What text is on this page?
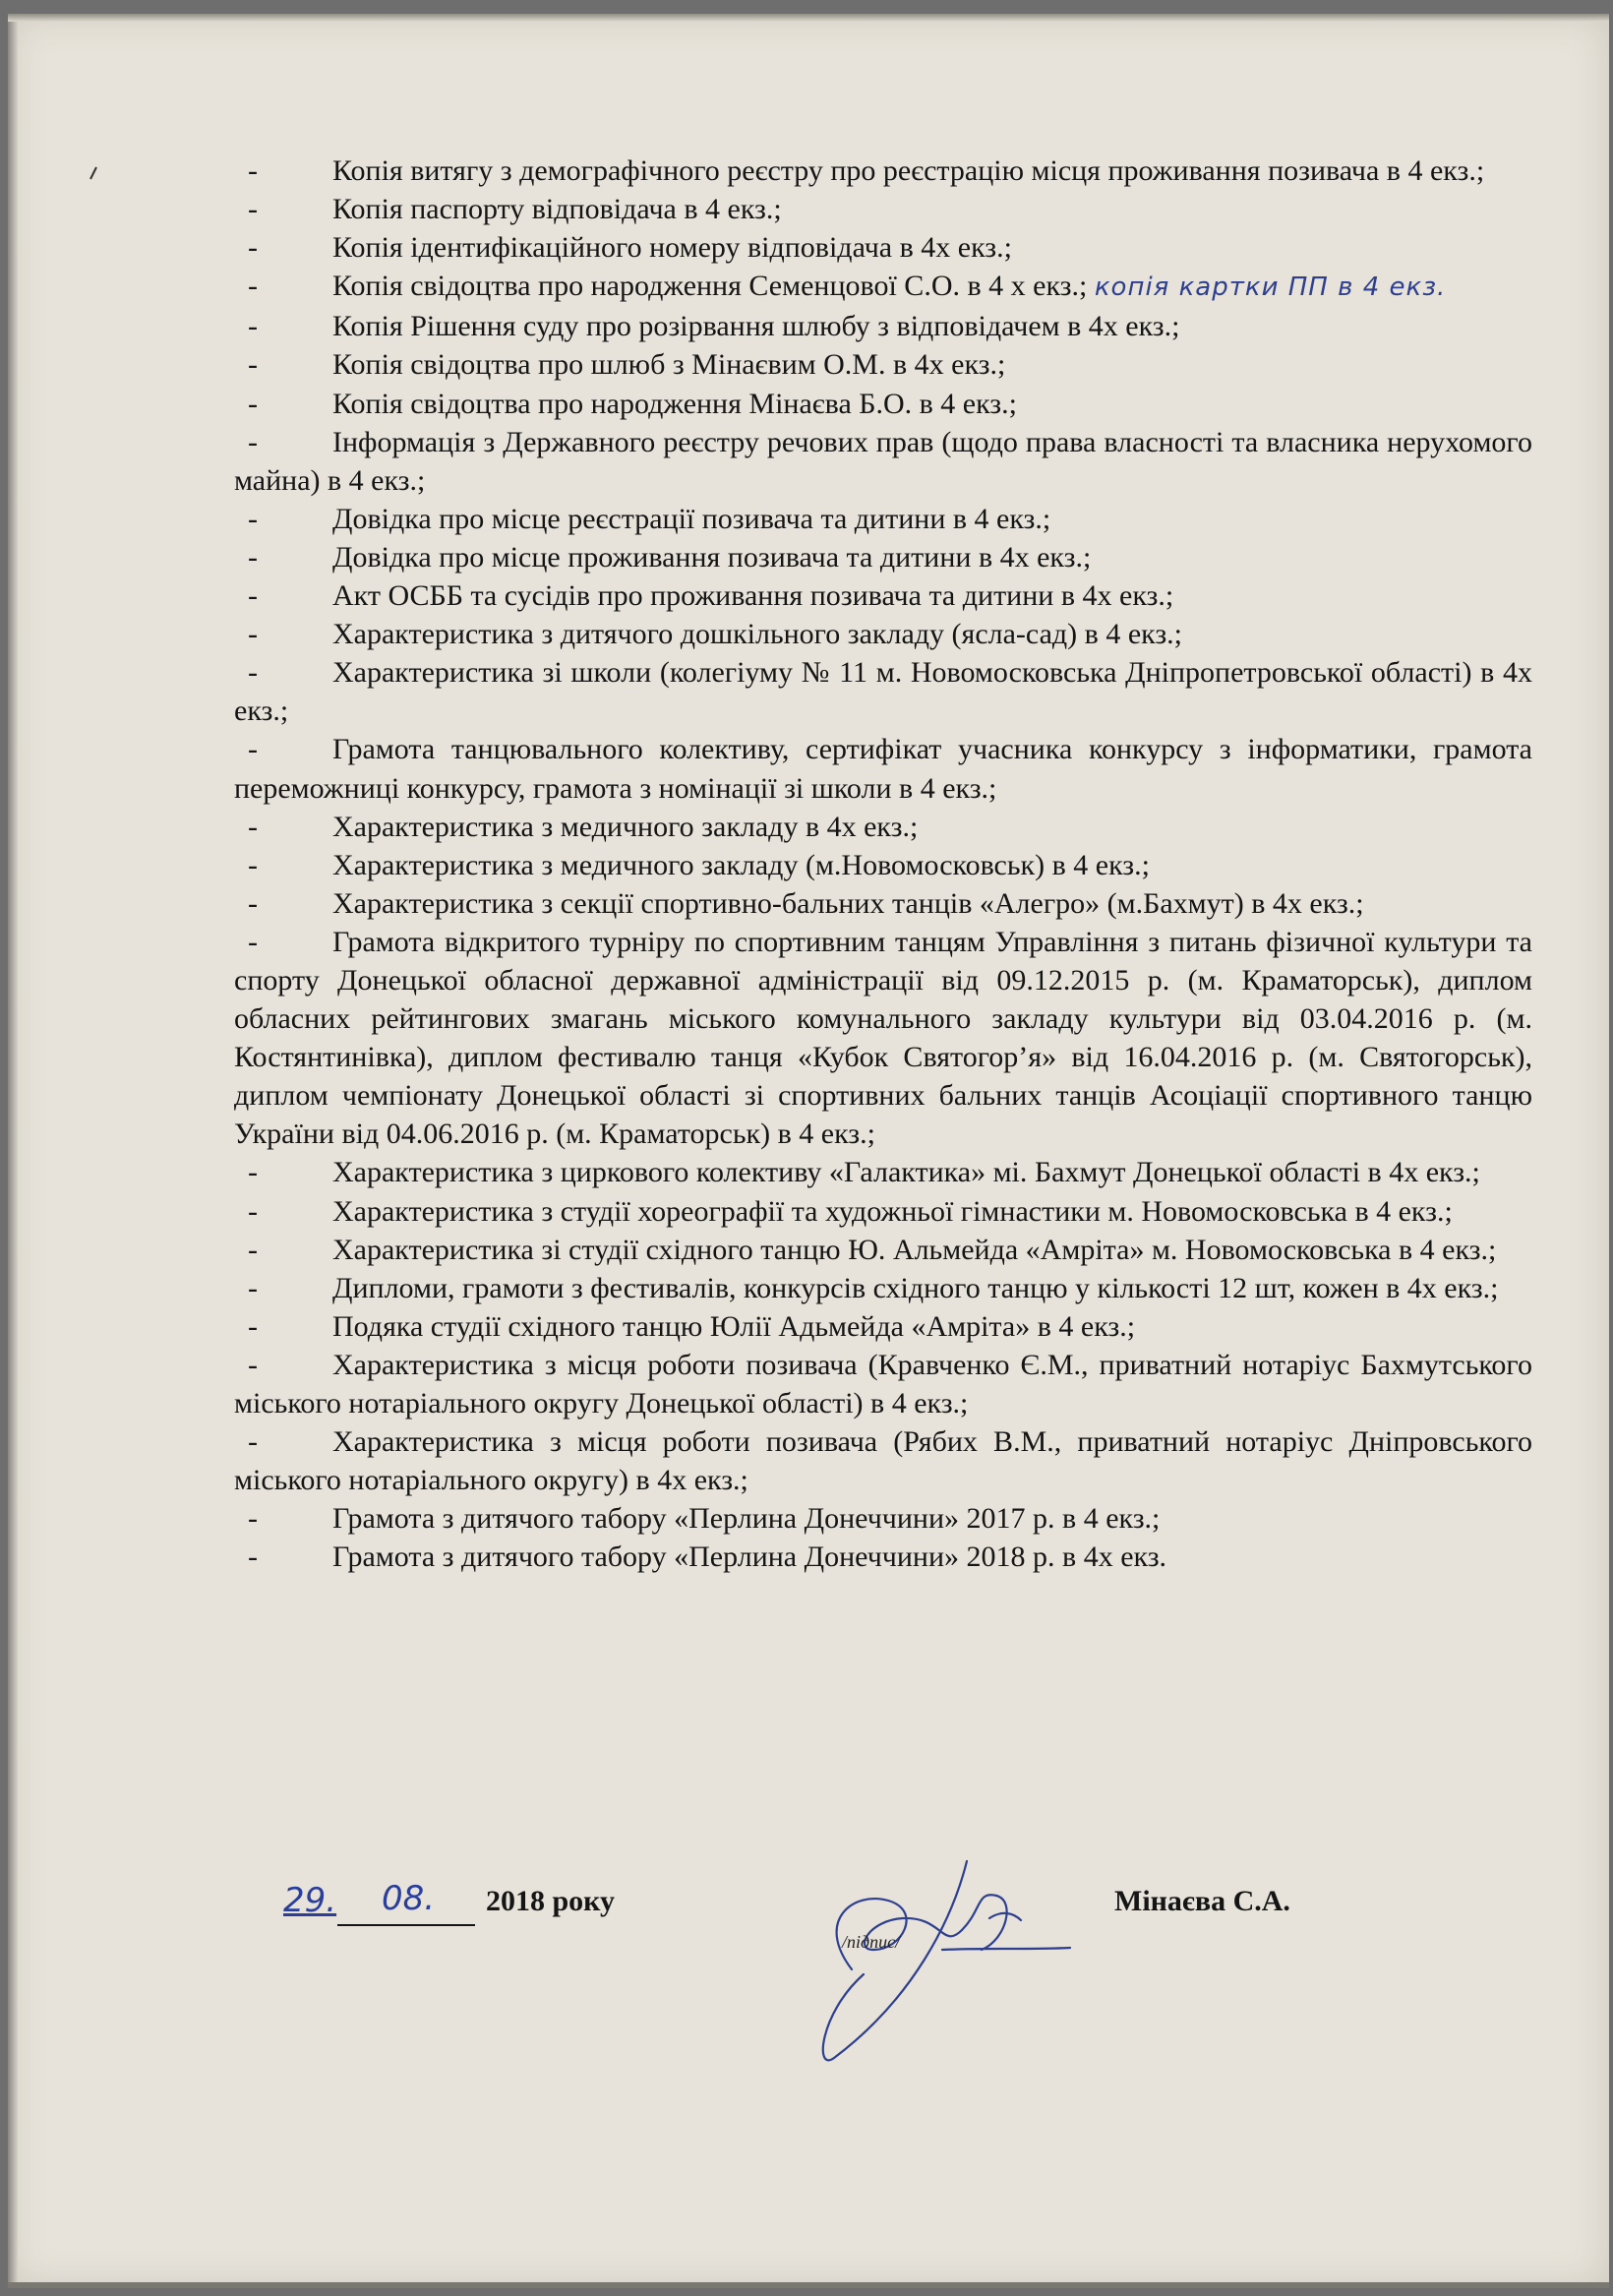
- Копія витягу з демографічного реєстру про реєстрацію місця проживання позивача в 4 екз.;
- Копія паспорту відповідача в 4 екз.;
- Копія ідентифікаційного номеру відповідача в 4х екз.;
- Копія свідоцтва про народження Семенцової С.О. в 4 х екз.; копія картки ПП в 4 екз.
- Копія Рішення суду про розірвання шлюбу з відповідачем в 4х екз.;
- Копія свідоцтва про шлюб з Мінаєвим О.М. в 4х екз.;
- Копія свідоцтва про народження Мінаєва Б.О. в 4 екз.;
- Інформація з Державного реєстру речових прав (щодо права власності та власника нерухомого майна) в 4 екз.;
- Довідка про місце реєстрації позивача та дитини в 4 екз.;
- Довідка про місце проживання позивача та дитини в 4х екз.;
- Акт ОСББ та сусідів про проживання позивача та дитини в 4х екз.;
- Характеристика з дитячого дошкільного закладу (ясла-сад) в 4 екз.;
- Характеристика зі школи (колегіуму № 11 м. Новомосковська Дніпропетровської області) в 4х екз.;
- Грамота танцювального колективу, сертифікат учасника конкурсу з інформатики, грамота переможниці конкурсу, грамота з номінації зі школи в 4 екз.;
- Характеристика з медичного закладу в 4х екз.;
- Характеристика з медичного закладу (м.Новомосковськ) в 4 екз.;
- Характеристика з секції спортивно-бальних танців «Алегро» (м.Бахмут) в 4х екз.;
- Грамота відкритого турніру по спортивним танцям Управління з питань фізичної культури та спорту Донецької обласної державної адміністрації від 09.12.2015 р. (м. Краматорськ), диплом обласних рейтингових змагань міського комунального закладу культури від 03.04.2016 р. (м. Костянтинівка), диплом фестивалю танця «Кубок Святогор’я» від 16.04.2016 р. (м. Святогорськ), диплом чемпіонату Донецької області зі спортивних бальних танців Асоціації спортивного танцю України від 04.06.2016 р. (м. Краматорськ) в 4 екз.;
- Характеристика з циркового колективу «Галактика» мі. Бахмут Донецької області в 4х екз.;
- Характеристика з студії хореографії та художньої гімнастики м. Новомосковська в 4 екз.;
- Характеристика зі студії східного танцю Ю. Альмейда «Амріта» м. Новомосковська в 4 екз.;
- Дипломи, грамоти з фестивалів, конкурсів східного танцю у кількості 12 шт, кожен в 4х екз.;
- Подяка студії східного танцю Юлії Адьмейда «Амріта» в 4 екз.;
- Характеристика з місця роботи позивача (Кравченко Є.М., приватний нотаріус Бахмутського міського нотаріального округу Донецької області) в 4 екз.;
- Характеристика з місця роботи позивача (Рябих В.М., приватний нотаріус Дніпровського міського нотаріального округу) в 4х екз.;
- Грамота з дитячого табору «Перлина Донеччини» 2017 р. в 4 екз.;
- Грамота з дитячого табору «Перлина Донеччини» 2018 р. в 4х екз.
29. 08. 2018 року
/підпис/
Мінаєва С.А.
